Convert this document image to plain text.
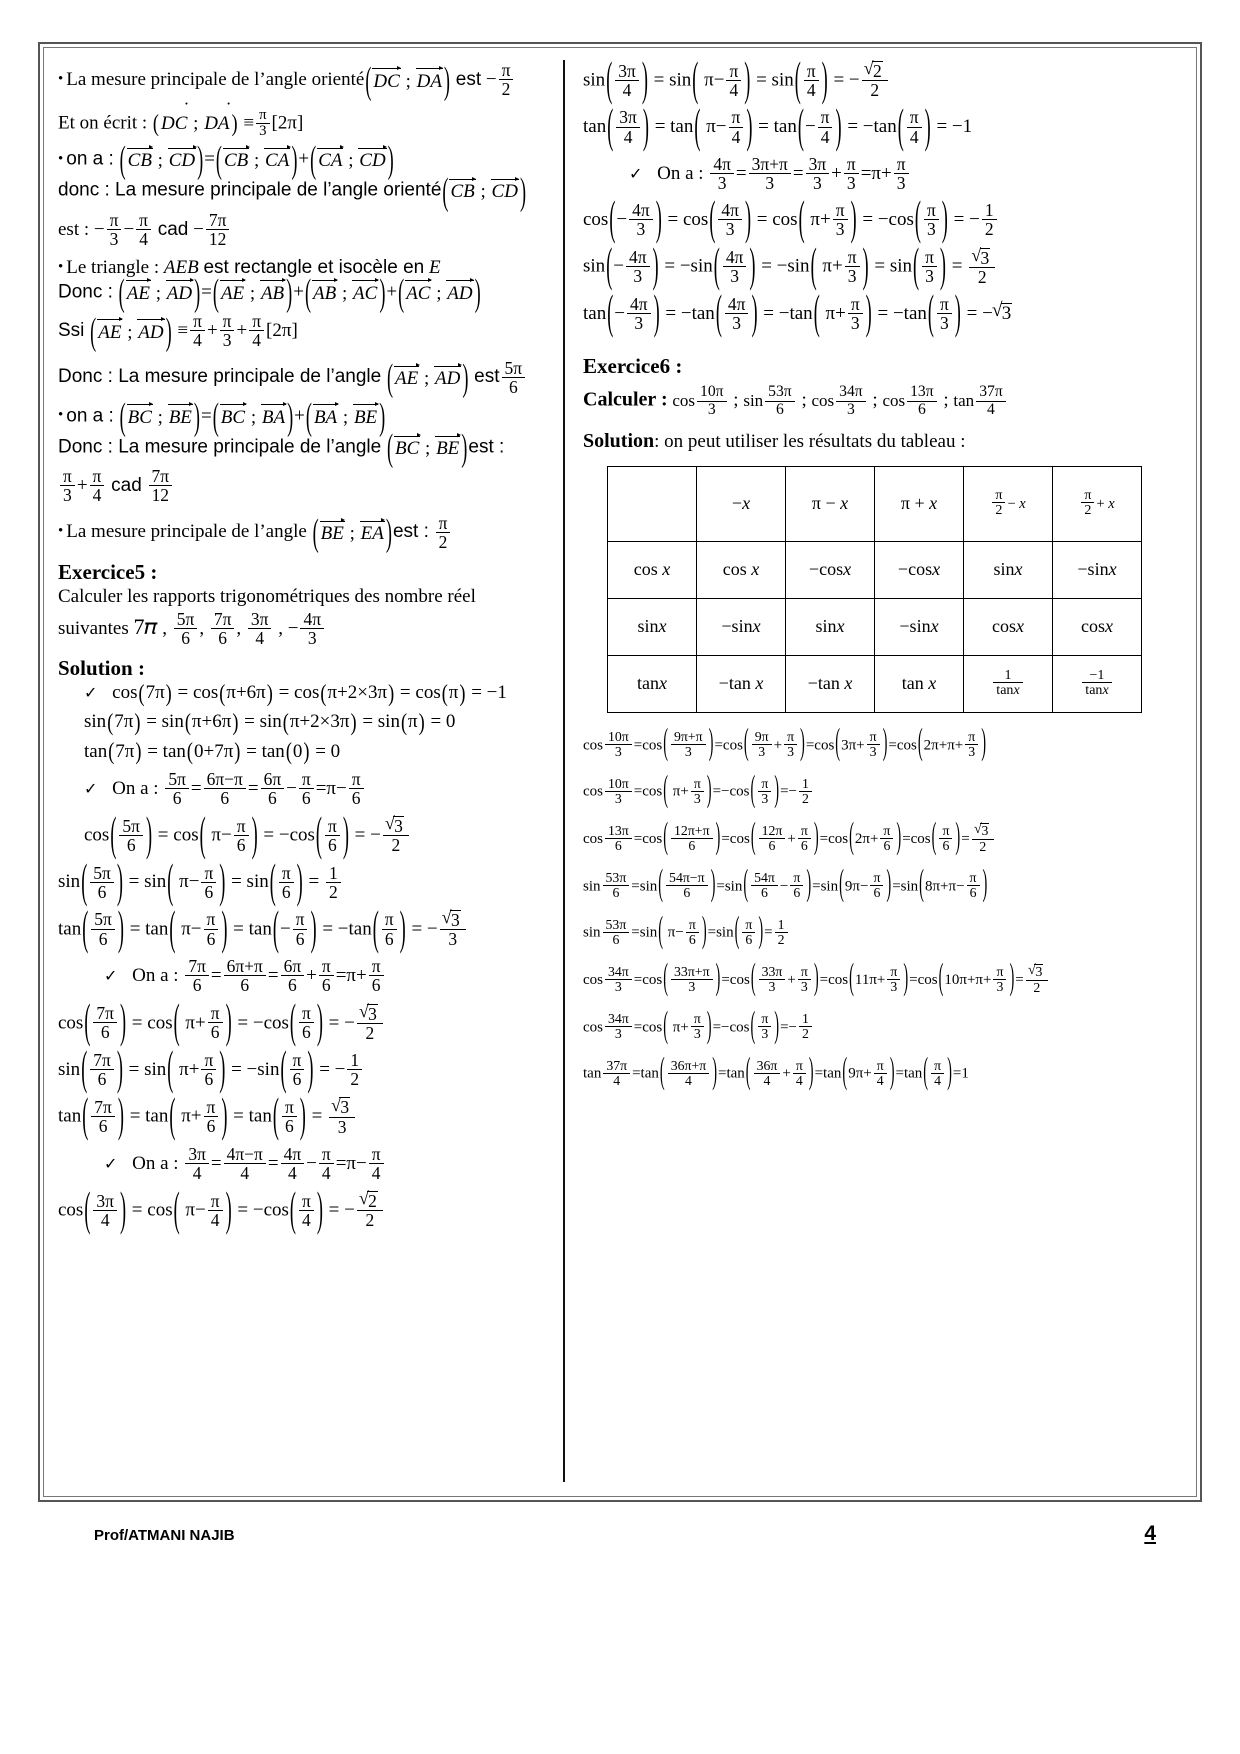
• La mesure principale de l’angle orienté( DC ; DA ) est − $\frac{\pi}{2}$
Et on écrit : ( DC ˙ ; DA ˙ ) ≡ $\frac{\pi}{3} [2\pi]$
• on a : ( CB ; CD )=( CB ; CA )+( CA ; CD )
donc : La mesure principale de l’angle orienté( CB ; CD )
est : − $\frac{\pi}{3} - \frac{\pi}{4}$ cad − $\frac{7\pi}{12}$
• Le triangle : AEB est rectangle et isocèle en E
Donc : ( AE ; AD )=( AE ; AB )+( AB ; AC )+( AC ; AD )
Ssi ( AE ; AD ) ≡ $\frac{\pi}{4} + \frac{\pi}{3} + \frac{\pi}{4} [2\pi]$
Donc : La mesure principale de l’angle ( AE ; AD ) est $\frac{5\pi}{6}$
• on a : ( BC ; BE )=( BC ; BA )+( BA ; BE )
Donc : La mesure principale de l’angle ( BC ; BE )est :
$\frac{\pi}{3} + \frac{\pi}{4}$ cad $\frac{7\pi}{12}$
• La mesure principale de l’angle ( BE ; EA )est : $\frac{\pi}{2}$
Exercice5 :
Calculer les rapports trigonométriques des nombre réel
suivantes 7𝜋 , $\frac{5\pi}{6}$ , $\frac{7\pi}{6}$ , $\frac{3\pi}{4}$ , − $\frac{4\pi}{3}$
Solution :
✓ cos(7π) = cos(π+6π) = cos(π+2×3π) = cos(π) = −1
sin(7π) = sin(π+6π) = sin(π+2×3π) = sin(π) = 0
tan(7π) = tan(0+7π) = tan(0) = 0
✓ On a : $\frac{5\pi}{6} = \frac{6\pi-\pi}{6} = \frac{6\pi}{6} - \frac{\pi}{6} =\pi- \frac{\pi}{6}$
$\cos( \frac{5\pi}{6}$ ) = cos( $\pi- \frac{\pi}{6}$ ) = $-\cos( \frac{\pi}{6}$ ) = − √ $\frac{3}{2}$
$\sin( \frac{5\pi}{6}$ ) = sin( $\pi- \frac{\pi}{6}$ ) = $\sin( \frac{\pi}{6}$ ) = $\frac{1}{2}$
$\tan( \frac{5\pi}{6}$ ) = tan( $\pi- \frac{\pi}{6}$ ) = $\tan(- \frac{\pi}{6}$ ) = $-\tan( \frac{\pi}{6}$ ) = − √ $\frac{3}{3}$
✓ On a : $\frac{7\pi}{6} = \frac{6\pi+\pi}{6} = \frac{6\pi}{6} + \frac{\pi}{6} =\pi+ \frac{\pi}{6}$
$\cos( \frac{7\pi}{6}$ ) = cos( $\pi+ \frac{\pi}{6}$ ) = $-\cos( \frac{\pi}{6}$ ) = − √ $\frac{3}{2}$
$\sin( \frac{7\pi}{6}$ ) = sin( $\pi+ \frac{\pi}{6}$ ) = $-\sin( \frac{\pi}{6}$ ) = − $\frac{1}{2}$
$\tan( \frac{7\pi}{6}$ ) = tan( $\pi+ \frac{\pi}{6}$ ) = $\tan( \frac{\pi}{6}$ ) = √ $\frac{3}{3}$
✓ On a : $\frac{3\pi}{4} = \frac{4\pi-\pi}{4} = \frac{4\pi}{4} - \frac{\pi}{4} =\pi- \frac{\pi}{4}$
$\cos( \frac{3\pi}{4}$ ) = cos( $\pi- \frac{\pi}{4}$ ) = $-\cos( \frac{\pi}{4}$ ) = − √ $\frac{2}{2}$
$\sin( \frac{3\pi}{4}$ ) = sin( $\pi- \frac{\pi}{4}$ ) = $\sin( \frac{\pi}{4}$ ) = − √ $\frac{2}{2}$
$\tan( \frac{3\pi}{4}$ ) = tan( $\pi- \frac{\pi}{4}$ ) = $\tan(- \frac{\pi}{4}$ ) = $-\tan( \frac{\pi}{4}$ ) = −1
✓ On a : $\frac{4\pi}{3} = \frac{3\pi+\pi}{3} = \frac{3\pi}{3} + \frac{\pi}{3} =\pi+ \frac{\pi}{3}$
$\cos(- \frac{4\pi}{3}$ ) = $\cos( \frac{4\pi}{3}$ ) = cos( $\pi+ \frac{\pi}{3}$ ) = $-\cos( \frac{\pi}{3}$ ) = − $\frac{1}{2}$
$\sin(- \frac{4\pi}{3}$ ) = $-\sin( \frac{4\pi}{3}$ ) = −sin( $\pi+ \frac{\pi}{3}$ ) = $\sin( \frac{\pi}{3}$ ) = √ $\frac{3}{2}$
$\tan(- \frac{4\pi}{3}$ ) = $-\tan( \frac{4\pi}{3}$ ) = −tan( $\pi+ \frac{\pi}{3}$ ) = $-\tan( \frac{\pi}{3}$ ) = − √ 3
Exercice6 :
Calculer : $\cos \frac{10\pi}{3}$ ; $\sin \frac{53\pi}{6}$ ; $\cos \frac{34\pi}{3}$ ; $\cos \frac{13\pi}{6}$ ; $\tan \frac{37\pi}{4}$
Solution: on peut utiliser les résultats du tableau :
	−x	π − x	π + x	$\frac{\pi}{2} - x$	$\frac{\pi}{2} + x$
cos x	cos x	−cosx	−cosx	sinx	−sinx
sinx	−sinx	sinx	−sinx	cosx	cosx
tanx	−tan x	−tan x	tan x	$\frac{1}{\tan x}$	$\frac{-1}{\tan x}$
$\cos \frac{10\pi}{3} =\cos( \frac{9\pi+\pi}{3} )=\cos( \frac{9\pi}{3} + \frac{\pi}{3} )=\cos(3\pi+ \frac{\pi}{3} )=\cos(2\pi+\pi+ \frac{\pi}{3}$ )
$\cos \frac{10\pi}{3} =\cos$( $\pi+ \frac{\pi}{3} )=-\cos( \frac{\pi}{3}$ )=− $\frac{1}{2}$
$\cos \frac{13\pi}{6} =\cos( \frac{12\pi+\pi}{6} )=\cos( \frac{12\pi}{6} + \frac{\pi}{6} )=\cos(2\pi+ \frac{\pi}{6} )=\cos( \frac{\pi}{6}$ )= √ $\frac{3}{2}$
$\sin \frac{53\pi}{6} =\sin( \frac{54\pi-\pi}{6} )=\sin( \frac{54\pi}{6} - \frac{\pi}{6} )=\sin(9\pi- \frac{\pi}{6} )=\sin(8\pi+\pi- \frac{\pi}{6}$ )
$\sin \frac{53\pi}{6} =\sin$( $\pi- \frac{\pi}{6} )=\sin( \frac{\pi}{6}$ )= $\frac{1}{2}$
$\cos \frac{34\pi}{3} =\cos( \frac{33\pi+\pi}{3} )=\cos( \frac{33\pi}{3} + \frac{\pi}{3} )=\cos(11\pi+ \frac{\pi}{3} )=\cos(10\pi+\pi+ \frac{\pi}{3}$ )= √ $\frac{3}{2}$
$\cos \frac{34\pi}{3} =\cos$( $\pi+ \frac{\pi}{3} )=-\cos( \frac{\pi}{3}$ )=− $\frac{1}{2}$
$\tan \frac{37\pi}{4} =\tan( \frac{36\pi+\pi}{4} )=\tan( \frac{36\pi}{4} + \frac{\pi}{4} )=\tan(9\pi+ \frac{\pi}{4} )=\tan( \frac{\pi}{4} )=1$
Prof/ATMANI NAJIB	4
